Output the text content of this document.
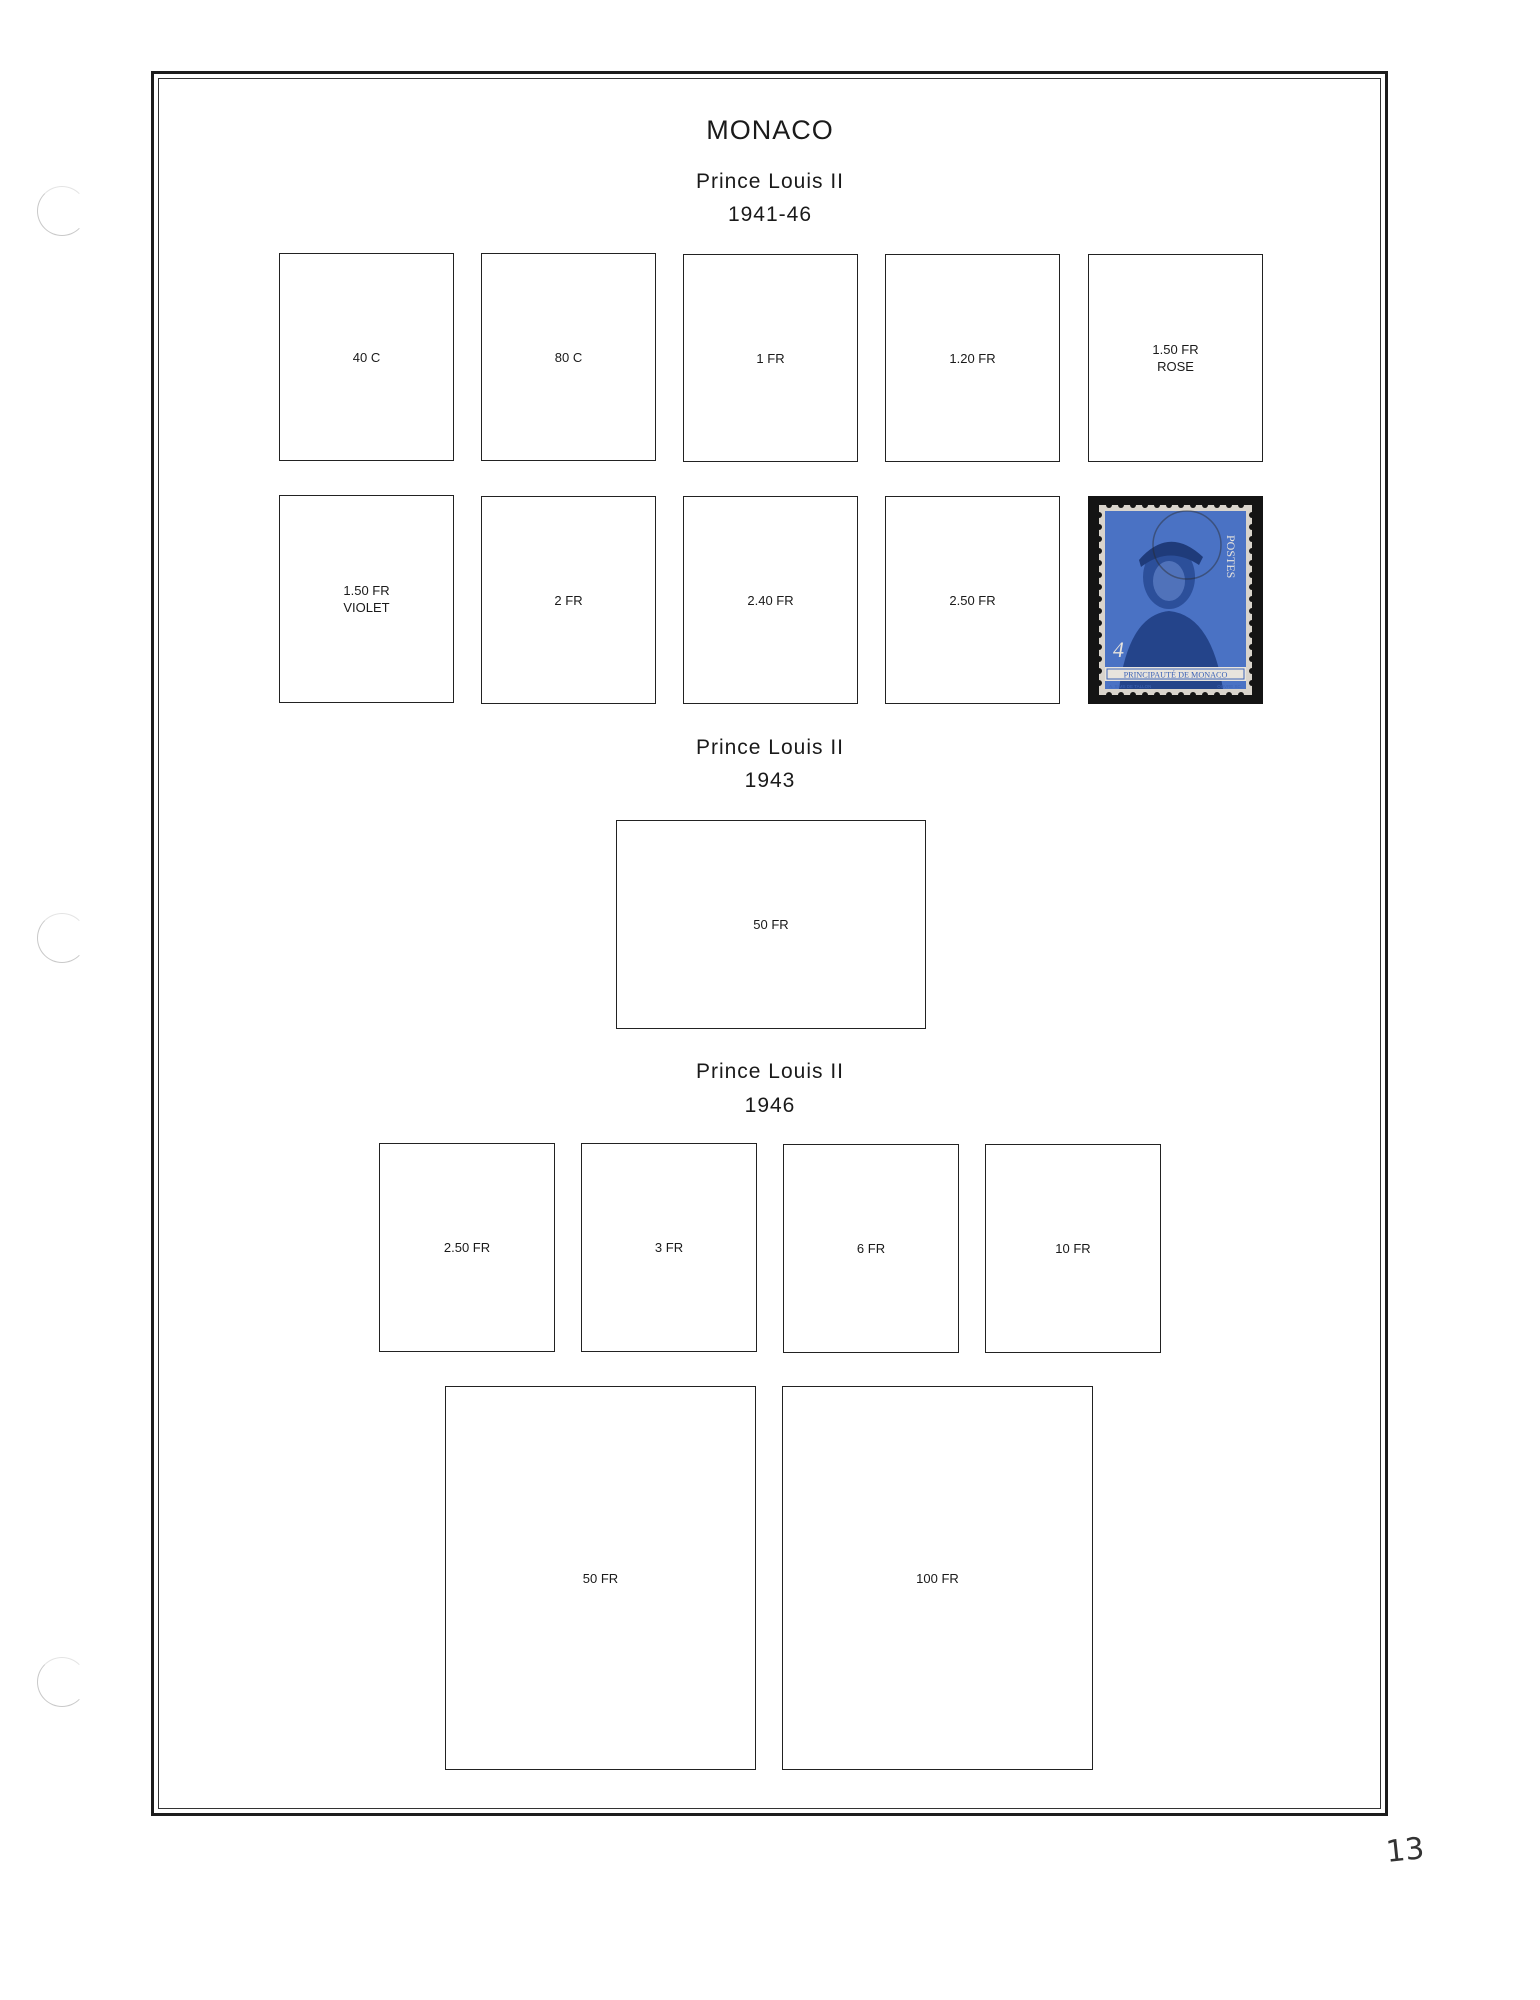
MONACO
Prince Louis II
1941-46
Prince Louis II
1943
Prince Louis II
1946
40 C	80 C	1 FR	1.20 FR
1.50 FR
ROSE
1.50 FR
VIOLET	2 FR	2.40 FR	2.50 FR
PRINCIPAUTÉ DE MONACO
A. SIMS DE TALLON	OUVRE SC.
POSTES
4
50 FR
2.50 FR	3 FR	6 FR	10 FR
50 FR	100 FR
13
